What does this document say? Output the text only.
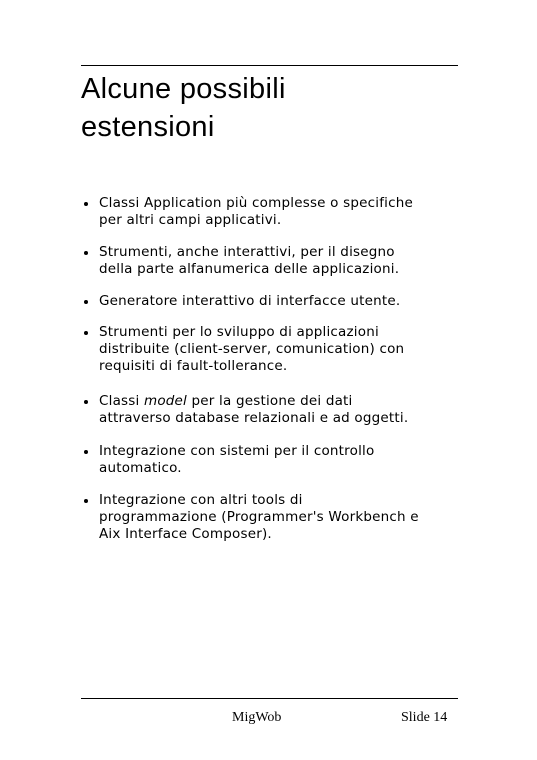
Alcune possibili
estensioni
Classi Application più complesse o specifiche
per altri campi applicativi.
Strumenti, anche interattivi, per il disegno
della parte alfanumerica delle applicazioni.
Generatore interattivo di interfacce utente.
Strumenti per lo sviluppo di applicazioni
distribuite (client-server, comunication) con
requisiti di fault-tollerance.
Classi model per la gestione dei dati
attraverso database relazionali e ad oggetti.
Integrazione con sistemi per il controllo
automatico.
Integrazione con altri tools di
programmazione (Programmer's Workbench e
Aix Interface Composer).
MigWob	Slide 14
